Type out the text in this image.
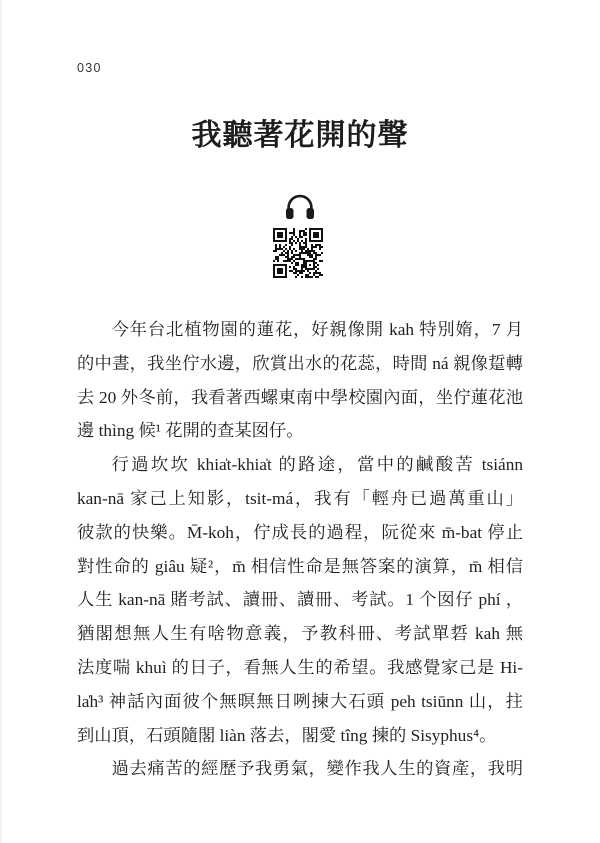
030
我聽著花開的聲
今年台北植物園的蓮花，好親像開 kah 特別媠，7 月
的中晝，我坐佇水邊，欣賞出水的花蕊，時間 ná 親像踅轉
去 20 外冬前，我看著西螺東南中學校園內面，坐佇蓮花池
邊 thìng 候¹ 花開的查某囡仔。
行過坎坎 khia̍t-khia̍t 的路途，當中的鹹酸苦 tsiánn
kan-nā 家己上知影，tsit-má，我有「輕舟已過萬重山」
彼款的快樂。M̄-koh，佇成長的過程，阮從來 m̄-bat 停止
對性命的 giâu 疑²，m̄ 相信性命是無答案的演算，m̄ 相信
人生 kan-nā 賭考試、讀冊、讀冊、考試。1 个囡仔 phí ，
猶閣想無人生有啥物意義，予教科冊、考試單硩 kah 無
法度喘 khuì 的日子，看無人生的希望。我感覺家己是 Hi-
la̍h³ 神話內面彼个無暝無日咧揀大石頭 peh tsiūnn 山，拄
到山頂，石頭隨閣 liàn 落去，閣愛 tîng 揀的 Sisyphus⁴。
過去痛苦的經歷予我勇氣，變作我人生的資產，我明
